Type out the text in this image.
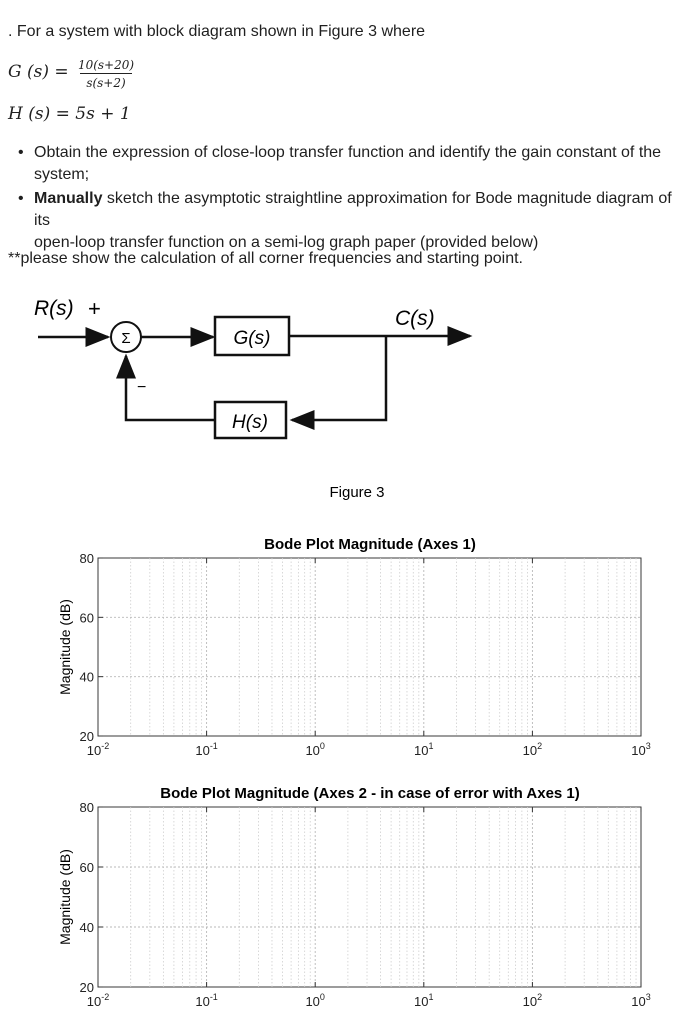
. For a system with block diagram shown in Figure 3 where
G (s) = 10(s+20)
s(s+2)
H (s) = 5s + 1
• Obtain the expression of close-loop transfer function and identify the gain constant of the
system;
• Manually sketch the asymptotic straightline approximation for Bode magnitude diagram of its
open-loop transfer function on a semi-log graph paper (provided below)
**please show the calculation of all corner frequencies and starting point.
R(s) +
Σ	G(s)
C(s)
H(s)
−
Figure 3
Bode Plot Magnitude (Axes 1)
Magnitude (dB)
$10^{-2}$	$10^{-1}$	$10^0$	$10^1$	$10^2$	$10^3$
20
40
60
80
Bode Plot Magnitude (Axes 2 - in case of error with Axes 1)
Magnitude (dB)
$10^{-2}$	$10^{-1}$	$10^0$	$10^1$	$10^2$	$10^3$
20
40
60
80
